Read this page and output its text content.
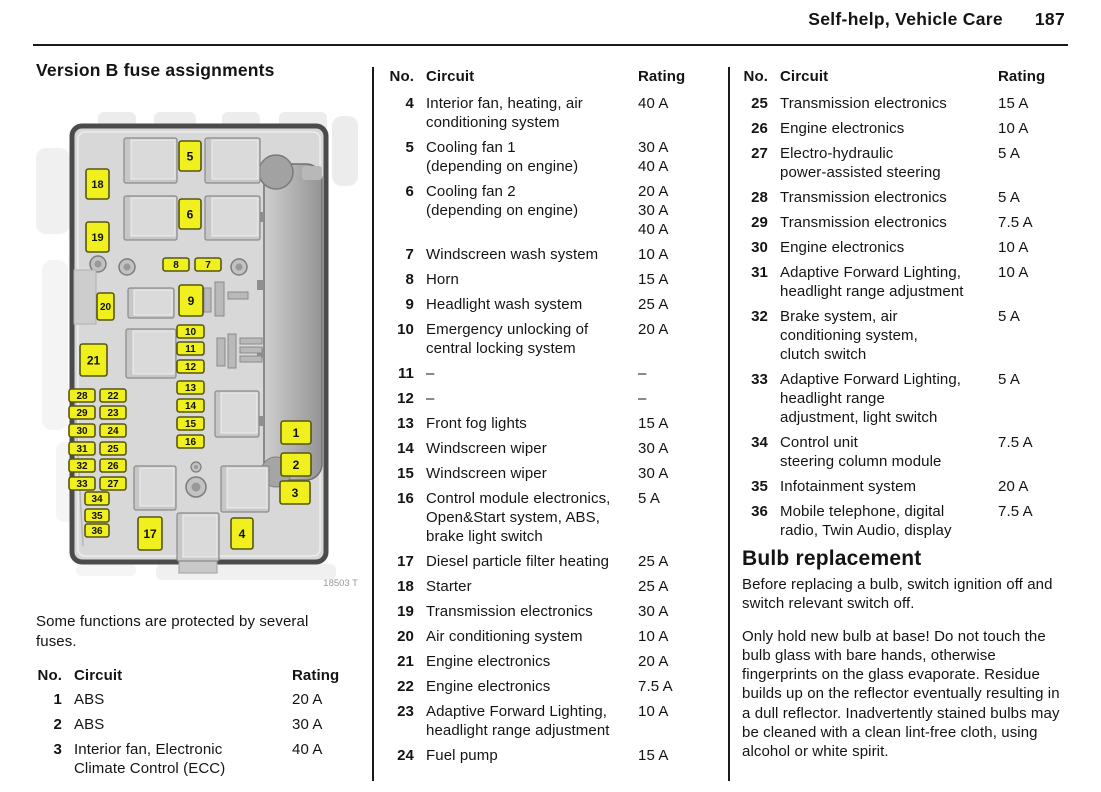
Self-help, Vehicle Care 187
Version B fuse assignments
5
18
6
19
8	7
20	9
10
11
12
13
14
15
16
21
28 22
29 23
30 24
31 25
32 26
33 27
34
35
36	17	4
1
2
3
18503 T
Some functions are protected by several fuses.
No. Circuit	Rating
1 ABS	20 A
2 ABS	30 A
3 Interior fan, Electronic
Climate Control (ECC)
40 A
No. Circuit	Rating
4 Interior fan, heating, air
conditioning system
40 A
5 Cooling fan 1
(depending on engine)
30 A
40 A
6 Cooling fan 2
(depending on engine)
20 A
30 A
40 A
7 Windscreen wash system	10 A
8 Horn	15 A
9 Headlight wash system	25 A
10 Emergency unlocking of
central locking system
20 A
11 –	–
12 –	–
13 Front fog lights	15 A
14 Windscreen wiper	30 A
15 Windscreen wiper	30 A
16 Control module electronics,
Open&Start system, ABS,
brake light switch
5 A
17 Diesel particle filter heating	25 A
18 Starter	25 A
19 Transmission electronics	30 A
20 Air conditioning system	10 A
21 Engine electronics	20 A
22 Engine electronics	7.5 A
23 Adaptive Forward Lighting,
headlight range adjustment
10 A
24 Fuel pump	15 A
No. Circuit	Rating
25 Transmission electronics	15 A
26 Engine electronics	10 A
27 Electro-hydraulic
power-assisted steering
5 A
28 Transmission electronics	5 A
29 Transmission electronics	7.5 A
30 Engine electronics	10 A
31 Adaptive Forward Lighting,
headlight range adjustment
10 A
32 Brake system, air
conditioning system,
clutch switch
5 A
33 Adaptive Forward Lighting,
headlight range
adjustment, light switch
5 A
34 Control unit
steering column module
7.5 A
35 Infotainment system	20 A
36 Mobile telephone, digital
radio, Twin Audio, display
7.5 A
Bulb replacement

Before replacing a bulb, switch ignition off and switch relevant switch off.

Only hold new bulb at base! Do not touch the bulb glass with bare hands, otherwise fingerprints on the glass evaporate. Residue builds up on the reflector eventually resulting in a dull reflector. Inadvertently stained bulbs may be cleaned with a clean lint-free cloth, using alcohol or white spirit.
